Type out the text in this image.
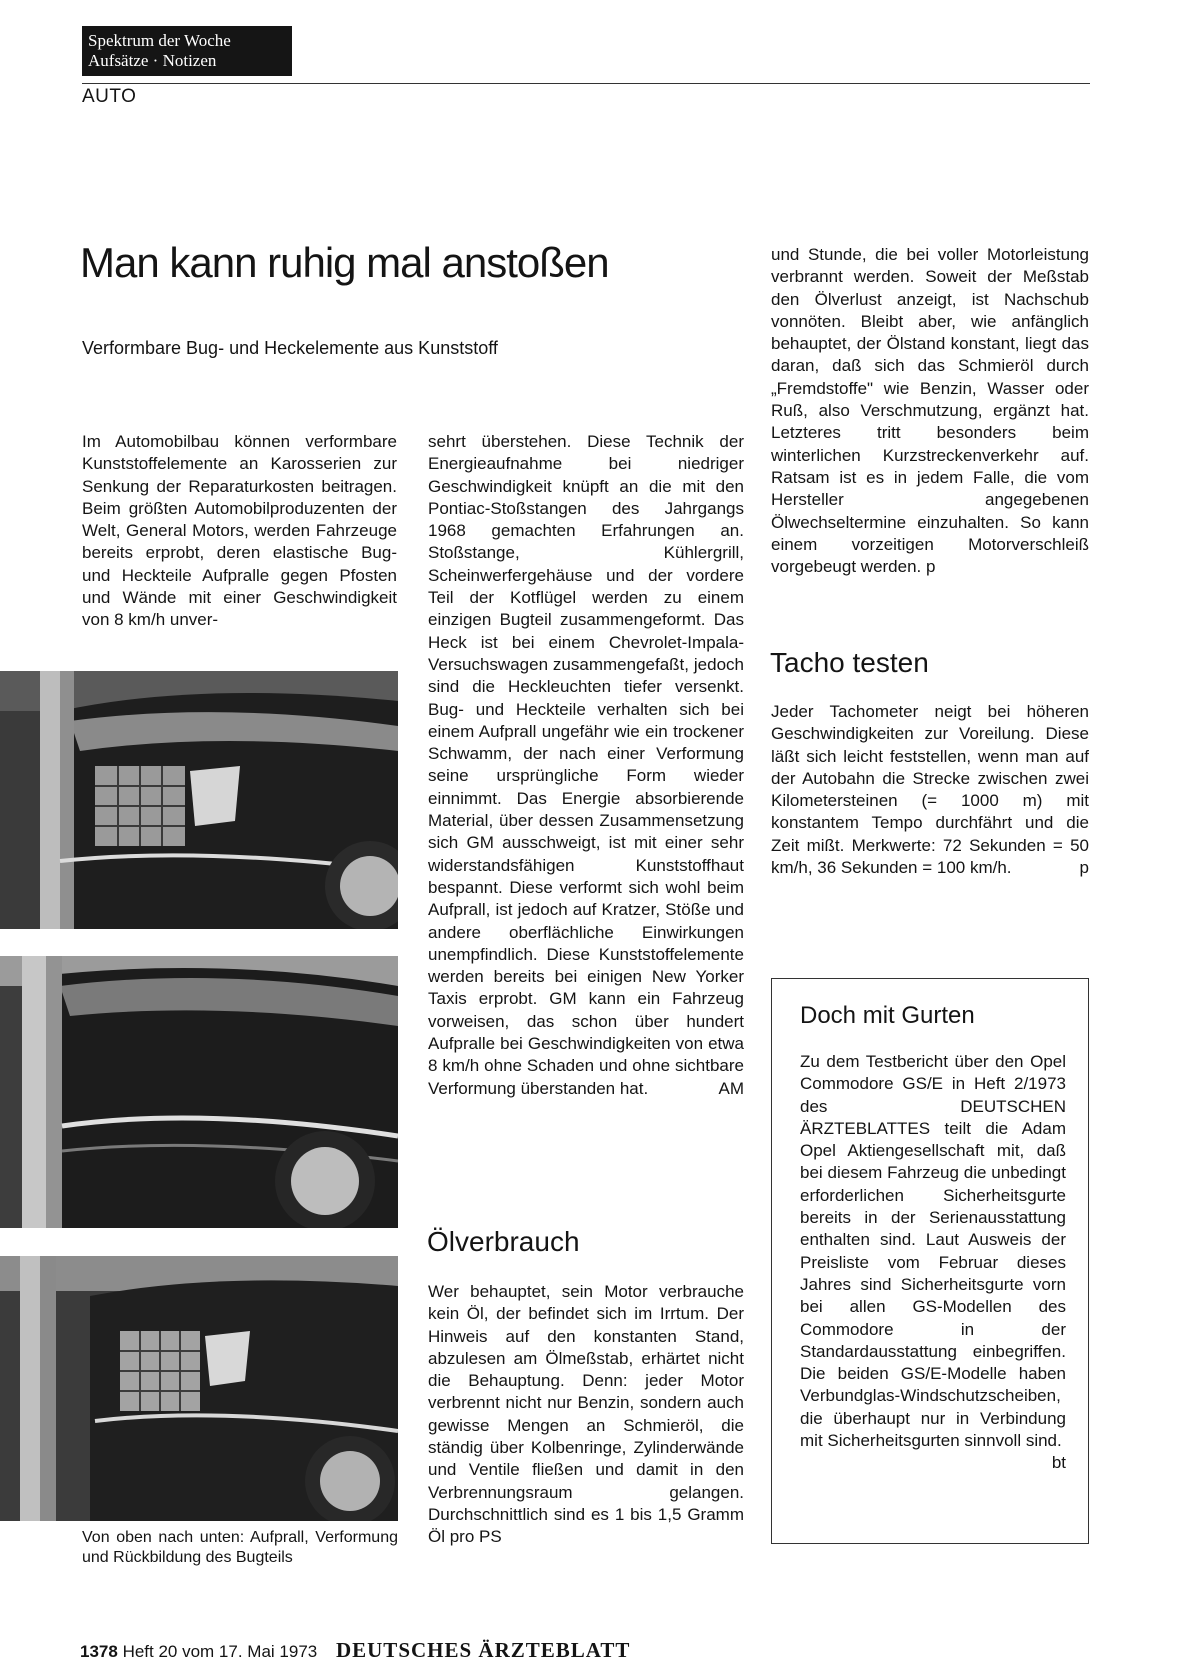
Spektrum der Woche
Aufsätze · Notizen
AUTO
Man kann ruhig mal anstoßen
Verformbare Bug- und Heckelemente aus Kunststoff
Im Automobilbau können verformbare Kunststoffelemente an Karosserien zur Senkung der Reparaturkosten beitragen. Beim größten Automobilproduzenten der Welt, General Motors, werden Fahrzeuge bereits erprobt, deren elastische Bug- und Heckteile Aufpralle gegen Pfosten und Wände mit einer Geschwindigkeit von 8 km/h unver-
sehrt überstehen. Diese Technik der Energieaufnahme bei niedriger Geschwindigkeit knüpft an die mit den Pontiac-Stoßstangen des Jahrgangs 1968 gemachten Erfahrungen an. Stoßstange, Kühlergrill, Scheinwerfergehäuse und der vordere Teil der Kotflügel werden zu einem einzigen Bugteil zusammengeformt. Das Heck ist bei einem Chevrolet-Impala-Versuchswagen zusammengefaßt, jedoch sind die Heckleuchten tiefer versenkt. Bug- und Heckteile verhalten sich bei einem Aufprall ungefähr wie ein trockener Schwamm, der nach einer Verformung seine ursprüngliche Form wieder einnimmt. Das Energie absorbierende Material, über dessen Zusammensetzung sich GM ausschweigt, ist mit einer sehr widerstandsfähigen Kunststoffhaut bespannt. Diese verformt sich wohl beim Aufprall, ist jedoch auf Kratzer, Stöße und andere oberflächliche Einwirkungen unempfindlich. Diese Kunststoffelemente werden bereits bei einigen New Yorker Taxis erprobt. GM kann ein Fahrzeug vorweisen, das schon über hundert Aufpralle bei Geschwindigkeiten von etwa 8 km/h ohne Schaden und ohne sichtbare Verformung überstanden hat.	AM
Von oben nach unten: Aufprall, Verformung und Rückbildung des Bugteils
Ölverbrauch
Wer behauptet, sein Motor verbrauche kein Öl, der befindet sich im Irrtum. Der Hinweis auf den konstanten Stand, abzulesen am Ölmeßstab, erhärtet nicht die Behauptung. Denn: jeder Motor verbrennt nicht nur Benzin, sondern auch gewisse Mengen an Schmieröl, die ständig über Kolbenringe, Zylinderwände und Ventile fließen und damit in den Verbrennungsraum gelangen. Durchschnittlich sind es 1 bis 1,5 Gramm Öl pro PS
und Stunde, die bei voller Motorleistung verbrannt werden. Soweit der Meßstab den Ölverlust anzeigt, ist Nachschub vonnöten. Bleibt aber, wie anfänglich behauptet, der Ölstand konstant, liegt das daran, daß sich das Schmieröl durch „Fremdstoffe" wie Benzin, Wasser oder Ruß, also Verschmutzung, ergänzt hat. Letzteres tritt besonders beim winterlichen Kurzstreckenverkehr auf. Ratsam ist es in jedem Falle, die vom Hersteller angegebenen Ölwechseltermine einzuhalten. So kann einem vorzeitigen Motorverschleiß vorgebeugt werden. p
Tacho testen
Jeder Tachometer neigt bei höheren Geschwindigkeiten zur Voreilung. Diese läßt sich leicht feststellen, wenn man auf der Autobahn die Strecke zwischen zwei Kilometersteinen (= 1000 m) mit konstantem Tempo durchfährt und die Zeit mißt. Merkwerte: 72 Sekunden = 50 km/h, 36 Sekunden = 100 km/h.	p
Doch mit Gurten
Zu dem Testbericht über den Opel Commodore GS/E in Heft 2/1973 des DEUTSCHEN ÄRZTEBLATTES teilt die Adam Opel Aktiengesellschaft mit, daß bei diesem Fahrzeug die unbedingt erforderlichen Sicherheitsgurte bereits in der Serienausstattung enthalten sind. Laut Ausweis der Preisliste vom Februar dieses Jahres sind Sicherheitsgurte vorn bei allen GS-Modellen des Commodore in der Standardausstattung einbegriffen. Die beiden GS/E-Modelle haben Verbundglas-Windschutzscheiben, die überhaupt nur in Verbindung mit Sicherheitsgurten sinnvoll sind.
bt
1378 Heft 20 vom 17. Mai 1973 DEUTSCHES ÄRZTEBLATT
